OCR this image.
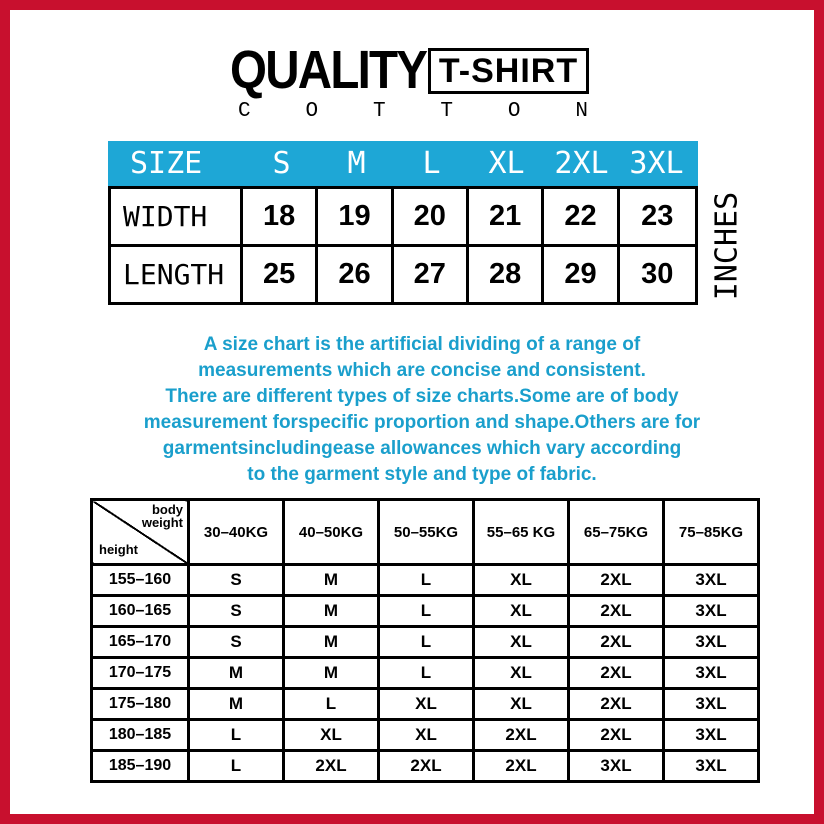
QUALITY T-SHIRT
C	O	T	T	O	N
SIZE	S	M	L	XL 2XL 3XL
WIDTH	18	19	20	21	22	23
LENGTH	25	26	27	28	29	30	INCHES
A size chart is the artificial dividing of a range of
measurements which are concise and consistent.
There are different types of size charts.Some are of body
measurement forspecific proportion and shape.Others are for
garmentsincludingease allowances which vary according
to the garment style and type of fabric.
body
weight
height	30–40KG	40–50KG	50–55KG	55–65 KG	65–75KG	75–85KG
155–160	S	M	L	XL	2XL	3XL
160–165	S	M	L	XL	2XL	3XL
165–170	S	M	L	XL	2XL	3XL
170–175	M	M	L	XL	2XL	3XL
175–180	M	L	XL	XL	2XL	3XL
180–185	L	XL	XL	2XL	2XL	3XL
185–190	L	2XL	2XL	2XL	3XL	3XL
